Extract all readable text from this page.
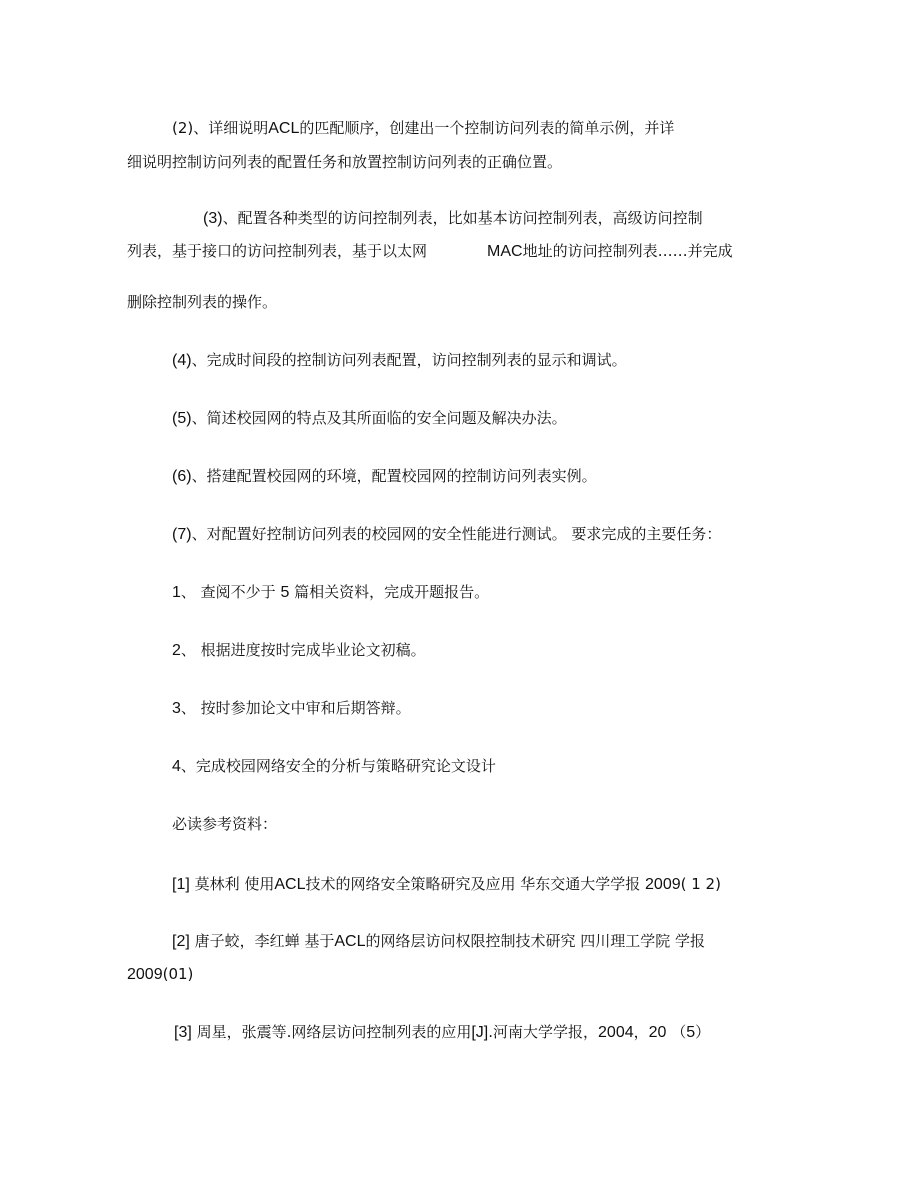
(2)、详细说明ACL的匹配顺序，创建出一个控制访问列表的简单示例，并详
细说明控制访问列表的配置任务和放置控制访问列表的正确位置。
(3)、配置各种类型的访问控制列表，比如基本访问控制列表，高级访问控制
列表，基于接口的访问控制列表，基于以太网	MAC地址的访问控制列表……并完成
删除控制列表的操作。
(4)、完成时间段的控制访问列表配置，访问控制列表的显示和调试。
(5)、简述校园网的特点及其所面临的安全问题及解决办法。
(6)、搭建配置校园网的环境，配置校园网的控制访问列表实例。
(7)、对配置好控制访问列表的校园网的安全性能进行测试。 要求完成的主要任务：
1、 查阅不少于 5 篇相关资料，完成开题报告。
2、 根据进度按时完成毕业论文初稿。
3、 按时参加论文中审和后期答辩。
4、完成校园网络安全的分析与策略研究论文设计
必读参考资料：
[1] 莫林利 使用ACL技术的网络安全策略研究及应用 华东交通大学学报 2009( 1 2)
[2] 唐子蛟，李红蝉 基于ACL的网络层访问权限控制技术研究 四川理工学院 学报
2009(01)
[3] 周星，张震等.网络层访问控制列表的应用[J].河南大学学报，2004，20 （5）
